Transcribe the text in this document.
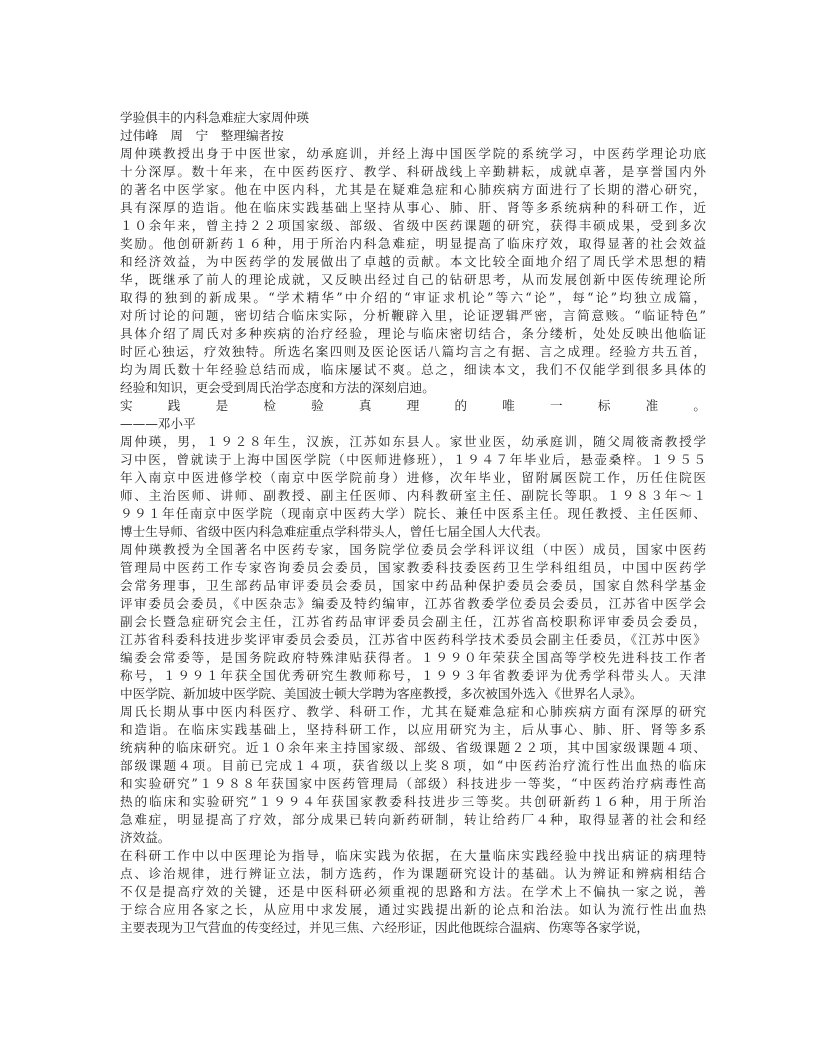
学验俱丰的内科急难症大家周仲瑛
过伟峰　周　宁　整理编者按
周仲瑛教授出身于中医世家，幼承庭训，并经上海中国医学院的系统学习，中医药学理论功底
十分深厚。数十年来，在中医药医疗、教学、科研战线上辛勤耕耘，成就卓著，是享誉国内外
的著名中医学家。他在中医内科，尤其是在疑难急症和心肺疾病方面进行了长期的潜心研究，
具有深厚的造诣。他在临床实践基础上坚持从事心、肺、肝、肾等多系统病种的科研工作，近
１０余年来，曾主持２２项国家级、部级、省级中医药课题的研究，获得丰硕成果，受到多次
奖励。他创研新药１６种，用于所治内科急难症，明显提高了临床疗效，取得显著的社会效益
和经济效益，为中医药学的发展做出了卓越的贡献。本文比较全面地介绍了周氏学术思想的精
华，既继承了前人的理论成就，又反映出经过自己的钻研思考，从而发展创新中医传统理论所
取得的独到的新成果。“学术精华”中介绍的“审证求机论”等六“论”，每“论”均独立成篇，
对所讨论的问题，密切结合临床实际，分析鞭辟入里，论证逻辑严密，言简意赅。“临证特色”
具体介绍了周氏对多种疾病的治疗经验，理论与临床密切结合，条分缕析，处处反映出他临证
时匠心独运，疗效独特。所选名案四则及医论医话八篇均言之有据、言之成理。经验方共五首，
均为周氏数十年经验总结而成，临床屡试不爽。总之，细读本文，我们不仅能学到很多具体的
经验和知识，更会受到周氏治学态度和方法的深刻启迪。
实践是检验真理的唯一标准。
———邓小平
周仲瑛，男，１９２８年生，汉族，江苏如东县人。家世业医，幼承庭训，随父周筱斋教授学
习中医，曾就读于上海中国医学院（中医师进修班），１９４７年毕业后，悬壶桑梓。１９５５
年入南京中医进修学校（南京中医学院前身）进修，次年毕业，留附属医院工作，历任住院医
师、主治医师、讲师、副教授、副主任医师、内科教研室主任、副院长等职。１９８３年～１
９９１年任南京中医学院（现南京中医药大学）院长、兼任中医系主任。现任教授、主任医师、
博士生导师、省级中医内科急难症重点学科带头人，曾任七届全国人大代表。
周仲瑛教授为全国著名中医药专家，国务院学位委员会学科评议组（中医）成员，国家中医药
管理局中医药工作专家咨询委员会委员，国家教委科技委医药卫生学科组组员，中国中医药学
会常务理事，卫生部药品审评委员会委员，国家中药品种保护委员会委员，国家自然科学基金
评审委员会委员，《中医杂志》编委及特约编审，江苏省教委学位委员会委员，江苏省中医学会
副会长暨急症研究会主任，江苏省药品审评委员会副主任，江苏省高校职称评审委员会委员，
江苏省科委科技进步奖评审委员会委员，江苏省中医药科学技术委员会副主任委员，《江苏中医》
编委会常委等，是国务院政府特殊津贴获得者。１９９０年荣获全国高等学校先进科技工作者
称号，１９９１年获全国优秀研究生教师称号，１９９３年省教委评为优秀学科带头人。天津
中医学院、新加坡中医学院、美国波士顿大学聘为客座教授，多次被国外选入《世界名人录》。
周氏长期从事中医内科医疗、教学、科研工作，尤其在疑难急症和心肺疾病方面有深厚的研究
和造诣。在临床实践基础上，坚持科研工作，以应用研究为主，后从事心、肺、肝、肾等多系
统病种的临床研究。近１０余年来主持国家级、部级、省级课题２２项，其中国家级课题４项、
部级课题４项。目前已完成１４项，获省级以上奖８项，如“中医药治疗流行性出血热的临床
和实验研究”１９８８年获国家中医药管理局（部级）科技进步一等奖，“中医药治疗病毒性高
热的临床和实验研究”１９９４年获国家教委科技进步三等奖。共创研新药１６种，用于所治
急难症，明显提高了疗效，部分成果已转向新药研制，转让给药厂４种，取得显著的社会和经
济效益。
在科研工作中以中医理论为指导，临床实践为依据，在大量临床实践经验中找出病证的病理特
点、诊治规律，进行辨证立法，制方选药，作为课题研究设计的基础。认为辨证和辨病相结合
不仅是提高疗效的关键，还是中医科研必须重视的思路和方法。在学术上不偏执一家之说，善
于综合应用各家之长，从应用中求发展，通过实践提出新的论点和治法。如认为流行性出血热
主要表现为卫气营血的传变经过，并见三焦、六经形证，因此他既综合温病、伤寒等各家学说，
